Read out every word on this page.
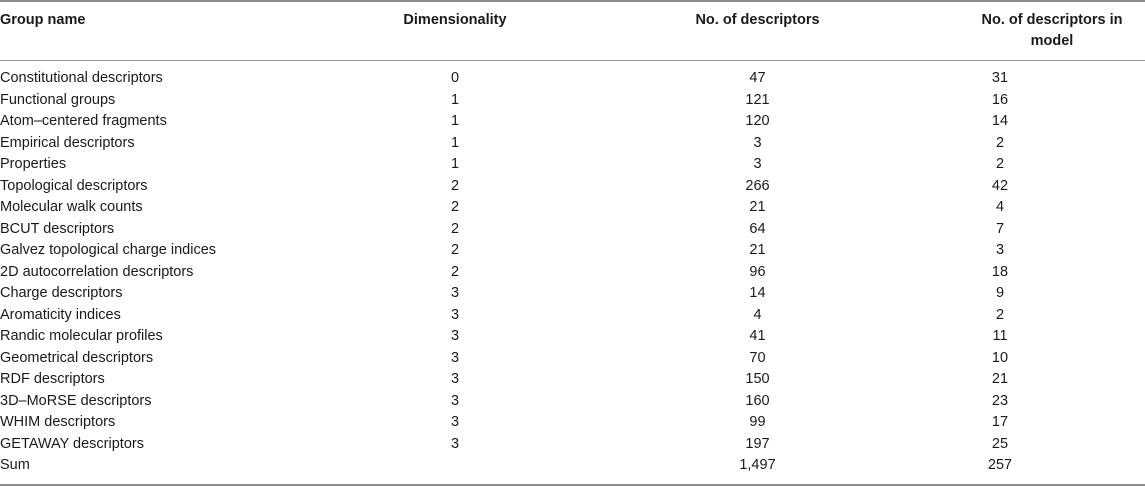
Group name	Dimensionality	No. of descriptors	No. of descriptors in model

Constitutional descriptors	0	47	31
Functional groups	1	121	16
Atom–centered fragments	1	120	14
Empirical descriptors	1	3	2
Properties	1	3	2
Topological descriptors	2	266	42
Molecular walk counts	2	21	4
BCUT descriptors	2	64	7
Galvez topological charge indices	2	21	3
2D autocorrelation descriptors	2	96	18
Charge descriptors	3	14	9
Aromaticity indices	3	4	2
Randic molecular profiles	3	41	11
Geometrical descriptors	3	70	10
RDF descriptors	3	150	21
3D–MoRSE descriptors	3	160	23
WHIM descriptors	3	99	17
GETAWAY descriptors	3	197	25
Sum		1,497	257
